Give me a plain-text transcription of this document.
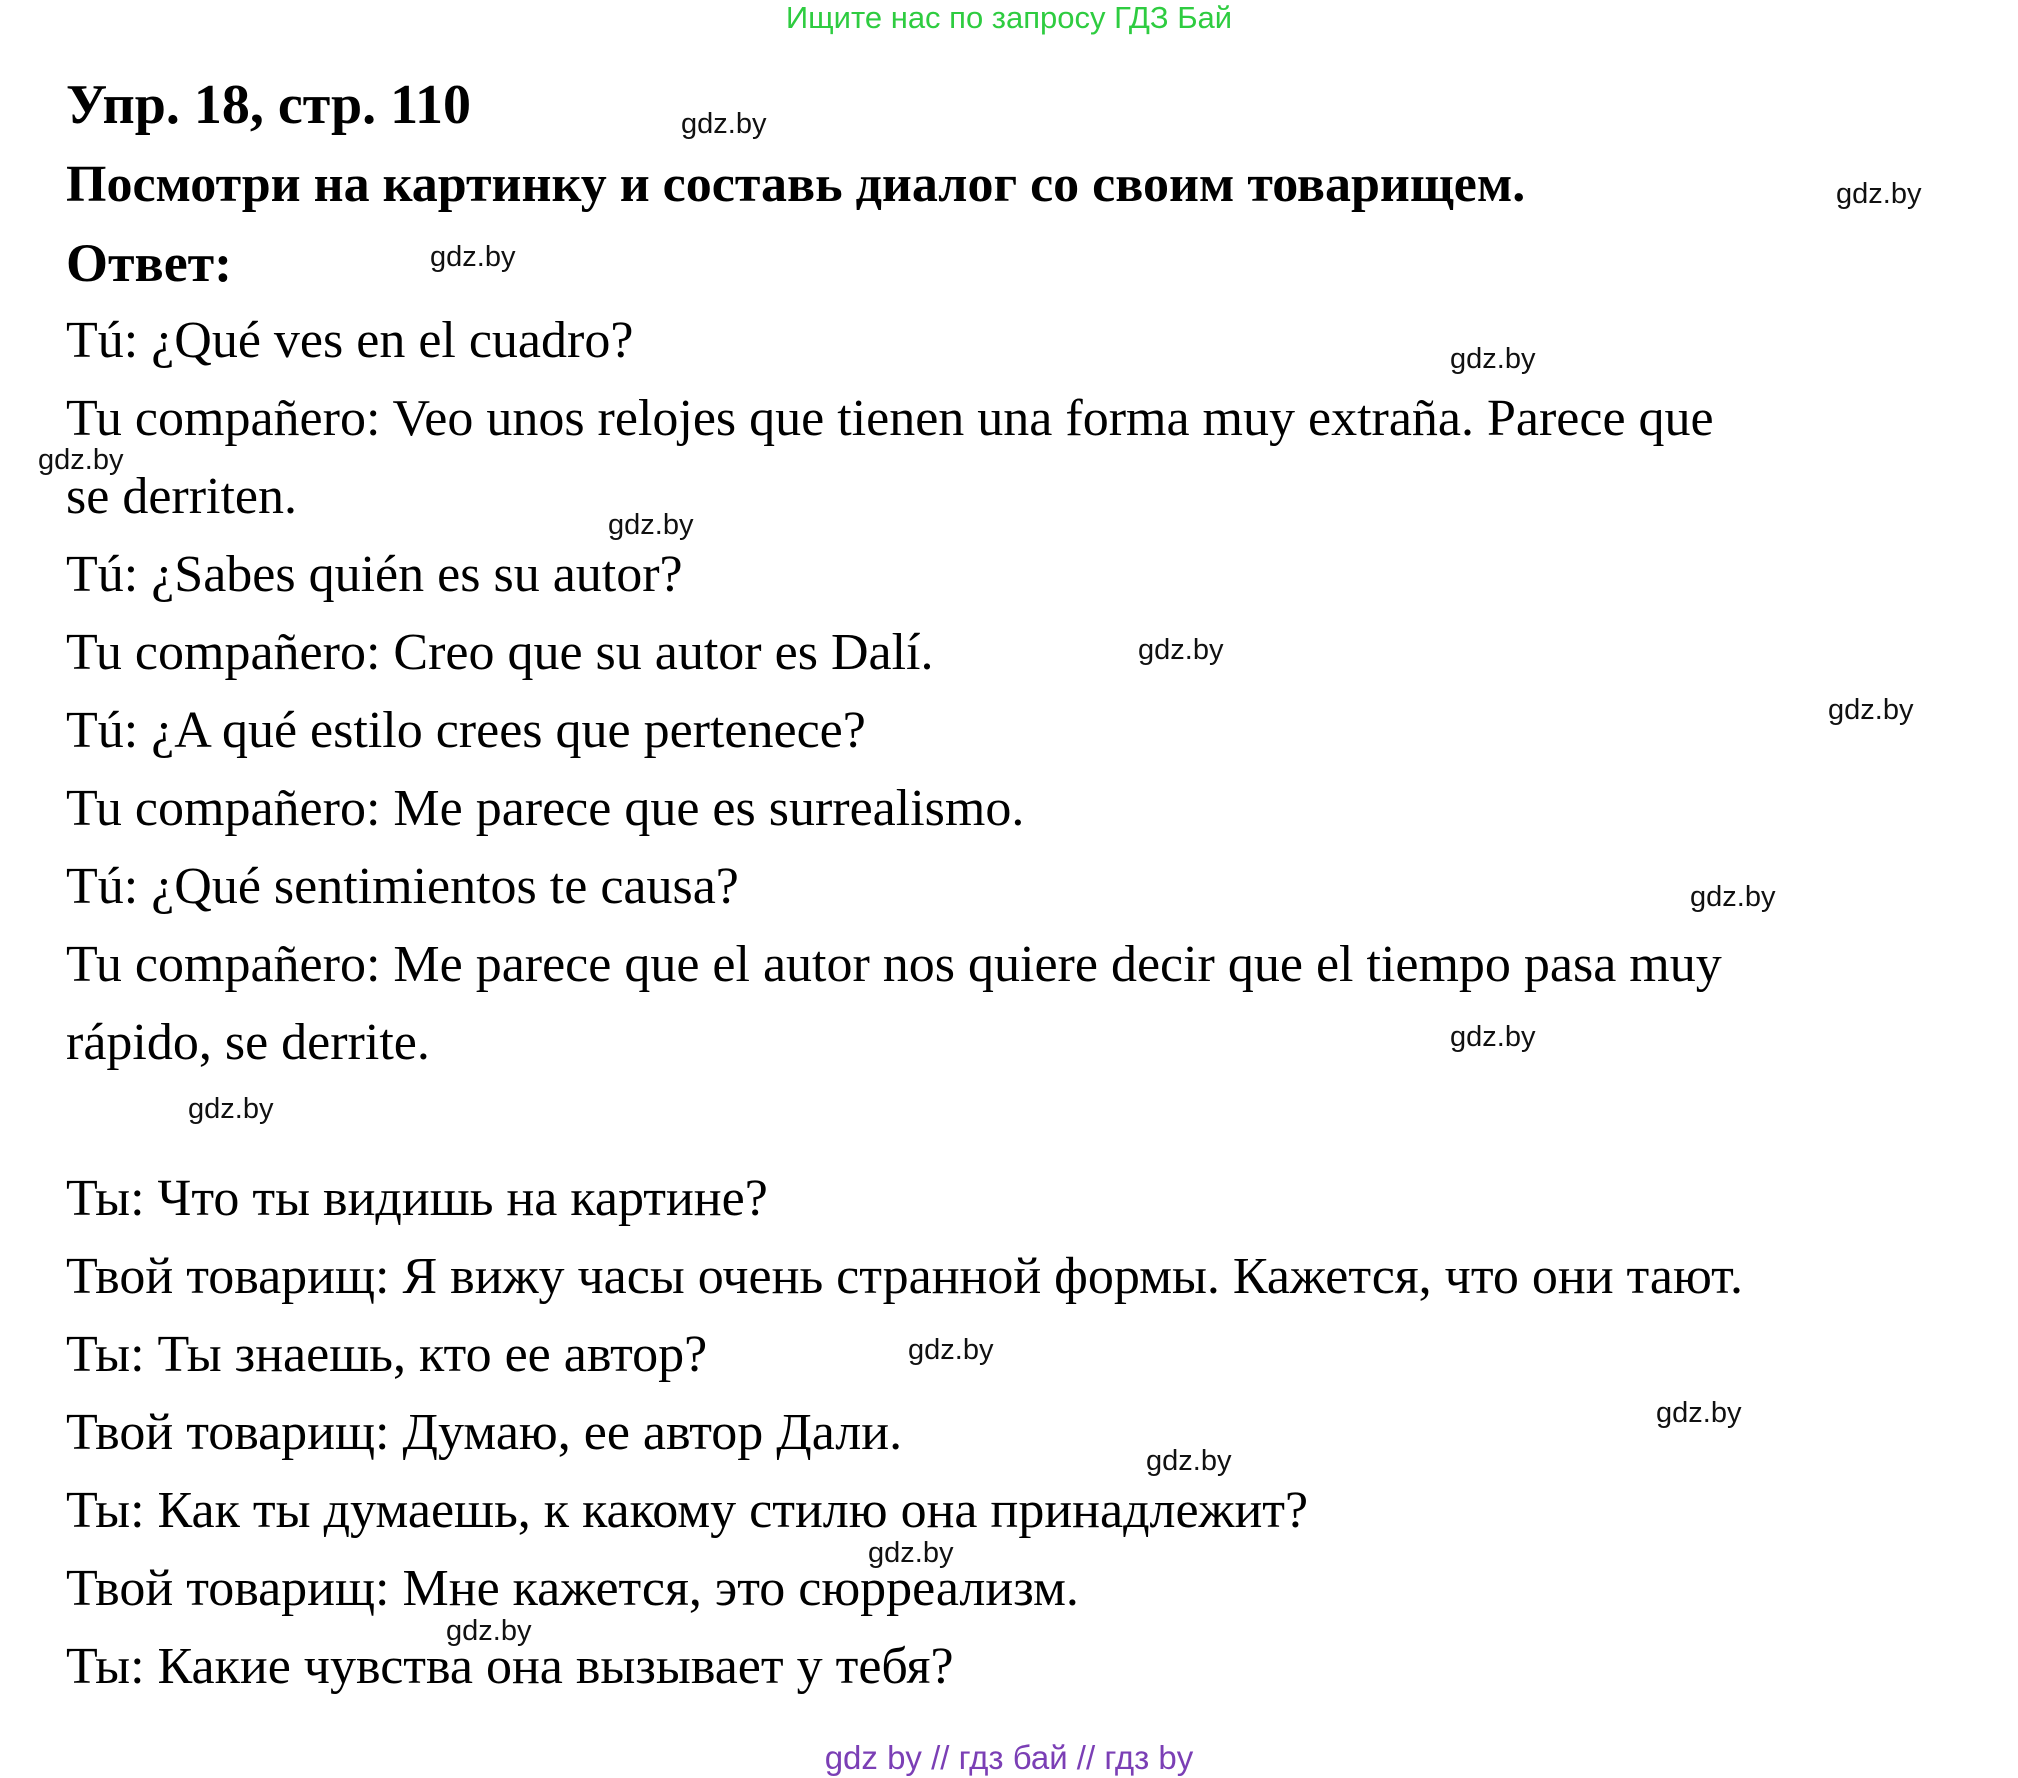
Ищите нас по запросу ГДЗ Бай
Упр. 18, стр. 110
Посмотри на картинку и составь диалог со своим товарищем.
Ответ:
Tú: ¿Qué ves en el cuadro?
Tu compañero: Veo unos relojes que tienen una forma muy extraña. Parece que
se derriten.
Tú: ¿Sabes quién es su autor?
Tu compañero: Creo que su autor es Dalí.
Tú: ¿A qué estilo crees que pertenece?
Tu compañero: Me parece que es surrealismo.
Tú: ¿Qué sentimientos te causa?
Tu compañero: Me parece que el autor nos quiere decir que el tiempo pasa muy
rápido, se derrite.
Ты: Что ты видишь на картине?
Твой товарищ: Я вижу часы очень странной формы. Кажется, что они тают.
Ты: Ты знаешь, кто ее автор?
Твой товарищ: Думаю, ее автор Дали.
Ты: Как ты думаешь, к какому стилю она принадлежит?
Твой товарищ: Мне кажется, это сюрреализм.
Ты: Какие чувства она вызывает у тебя?
gdz.by
gdz.by
gdz.by
gdz.by
gdz.by
gdz.by
gdz.by
gdz.by
gdz.by
gdz.by
gdz.by
gdz.by
gdz.by
gdz.by
gdz.by
gdz.by
gdz by // гдз бай // гдз by
